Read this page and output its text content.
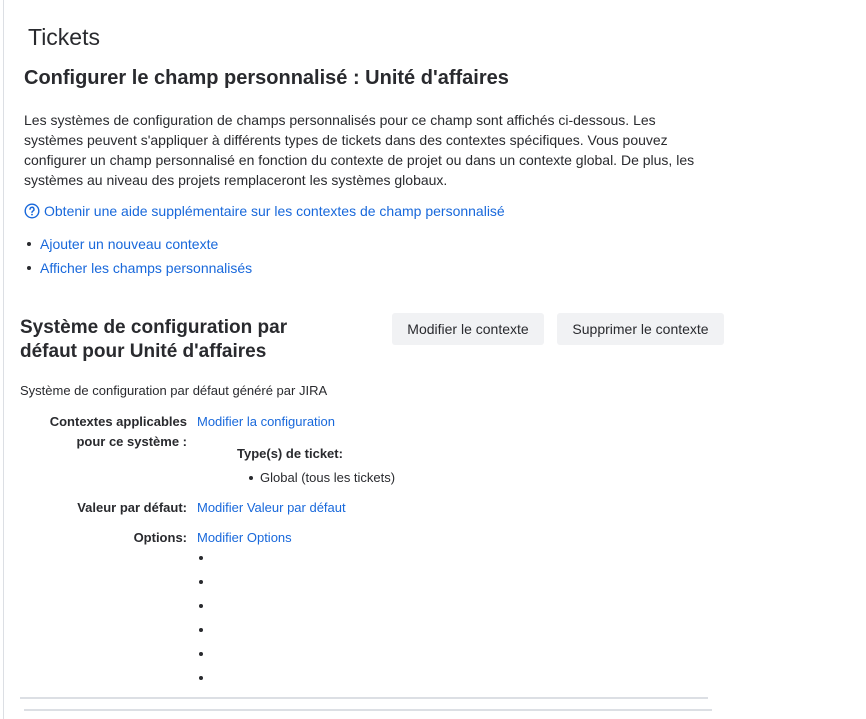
Tickets
Configurer le champ personnalisé : Unité d'affaires
Les systèmes de configuration de champs personnalisés pour ce champ sont affichés ci-dessous. Les systèmes peuvent s'appliquer à différents types de tickets dans des contextes spécifiques. Vous pouvez configurer un champ personnalisé en fonction du contexte de projet ou dans un contexte global. De plus, les systèmes au niveau des projets remplaceront les systèmes globaux.
Obtenir une aide supplémentaire sur les contextes de champ personnalisé
Ajouter un nouveau contexte
Afficher les champs personnalisés
Système de configuration par défaut pour Unité d'affaires
Modifier le contexte	Supprimer le contexte
Système de configuration par défaut généré par JIRA
Contextes applicables pour ce système :
Modifier la configuration
Type(s) de ticket:
Global (tous les tickets)
Valeur par défaut: Modifier Valeur par défaut
Options: Modifier Options
